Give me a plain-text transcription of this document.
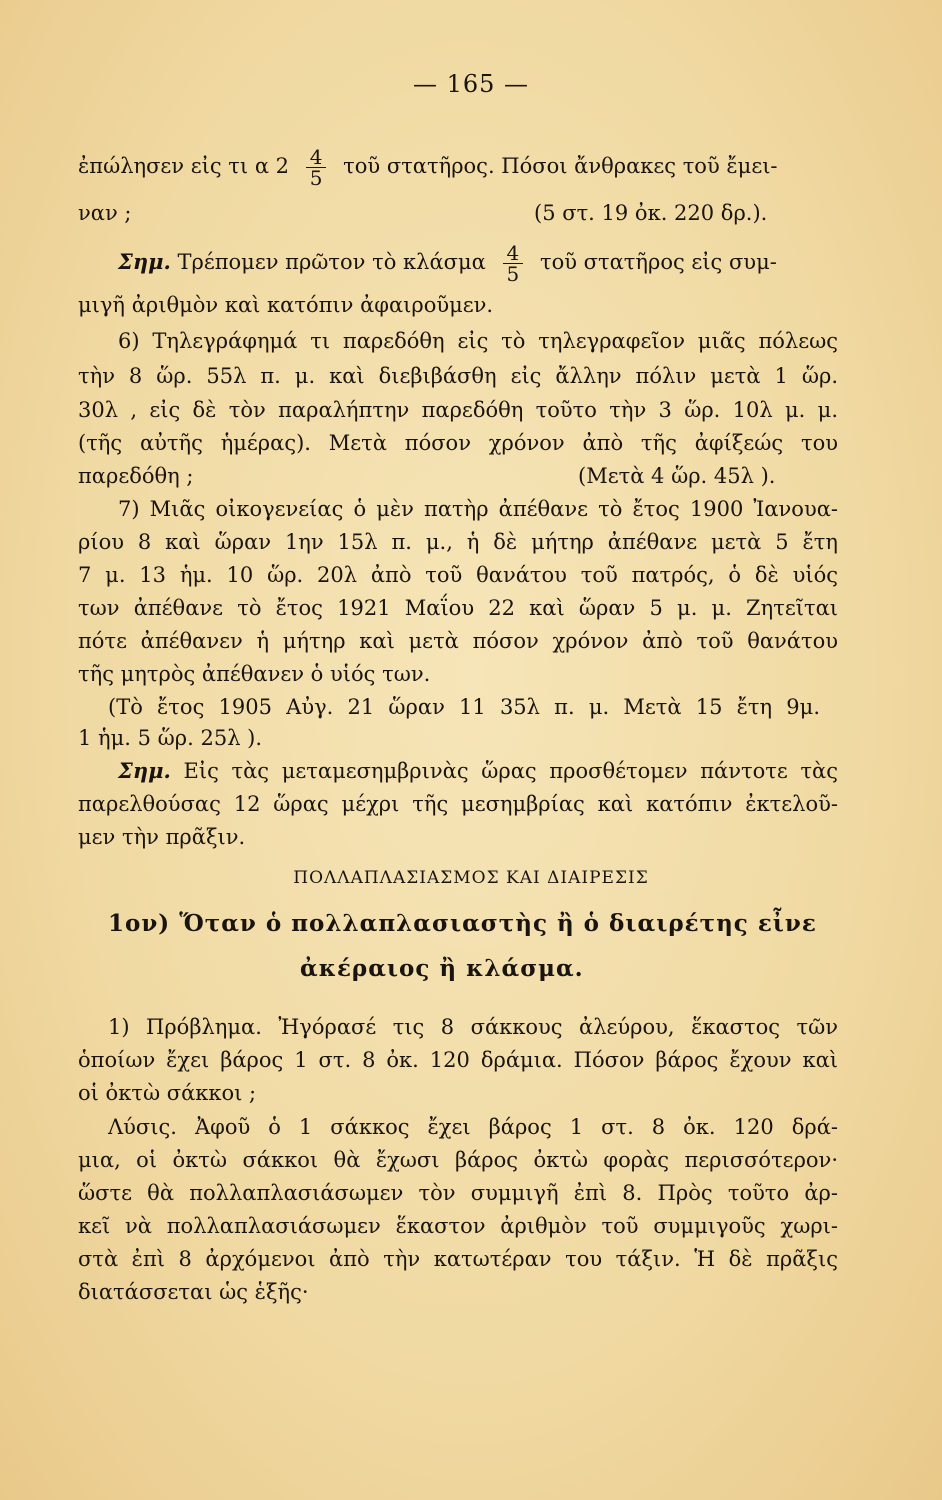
— 165 —
ἐπώλησεν εἰς τι α $2 \frac{4}{5}$ τοῦ στατῆρος. Πόσοι ἄνθρακες τοῦ ἔμει-
ναν ;	(5 στ. 19 ὀκ. 220 δρ.).
Σημ. Τρέπομεν πρῶτον τὸ κλάσμα $\frac{4}{5}$ τοῦ στατῆρος εἰς συμ-
μιγῆ ἀριθμὸν καὶ κατόπιν ἀφαιροῦμεν.
6) Τηλεγράφημά τι παρεδόθη εἰς τὸ τηλεγραφεῖον μιᾶς πόλεως
τὴν 8 ὥρ. 55λ π. μ. καὶ διεβιβάσθη εἰς ἄλλην πόλιν μετὰ 1 ὥρ.
30λ , εἰς δὲ τὸν παραλήπτην παρεδόθη τοῦτο τὴν 3 ὥρ. 10λ μ. μ.
(τῆς αὐτῆς ἡμέρας). Μετὰ πόσον χρόνον ἀπὸ τῆς ἀφίξεώς του
παρεδόθη ;	(Μετὰ 4 ὥρ. 45λ ).
7) Μιᾶς οἰκογενείας ὁ μὲν πατὴρ ἀπέθανε τὸ ἔτος 1900 Ἰανουα-
ρίου 8 καὶ ὥραν 1ην 15λ π. μ., ἡ δὲ μήτηρ ἀπέθανε μετὰ 5 ἔτη
7 μ. 13 ἡμ. 10 ὥρ. 20λ ἀπὸ τοῦ θανάτου τοῦ πατρός, ὁ δὲ υἱός
των ἀπέθανε τὸ ἔτος 1921 Μαΐου 22 καὶ ὥραν 5 μ. μ. Ζητεῖται
πότε ἀπέθανεν ἡ μήτηρ καὶ μετὰ πόσον χρόνον ἀπὸ τοῦ θανάτου
τῆς μητρὸς ἀπέθανεν ὁ υἱός των.
(Τὸ ἔτος 1905 Αὐγ. 21 ὥραν 11 35λ π. μ. Μετὰ 15 ἔτη 9μ.
1 ἡμ. 5 ὥρ. 25λ ).
Σημ. Εἰς τὰς μεταμεσημβρινὰς ὥρας προσθέτομεν πάντοτε τὰς
παρελθούσας 12 ὥρας μέχρι τῆς μεσημβρίας καὶ κατόπιν ἐκτελοῦ-
μεν τὴν πρᾶξιν.
ΠΟΛΛΑΠΛΑΣΙΑΣΜΟΣ ΚΑΙ ΔΙΑΙΡΕΣΙΣ
1ον) Ὅταν ὁ πολλαπλασιαστὴς ἢ ὁ διαιρέτης εἶνε
ἀκέραιος ἢ κλάσμα.
1) Πρόβλημα. Ἠγόρασέ τις 8 σάκκους ἀλεύρου, ἕκαστος τῶν
ὁποίων ἔχει βάρος 1 στ. 8 ὀκ. 120 δράμια. Πόσον βάρος ἔχουν καὶ
οἱ ὀκτὼ σάκκοι ;
Λύσις. Ἀφοῦ ὁ 1 σάκκος ἔχει βάρος 1 στ. 8 ὀκ. 120 δρά-
μια, οἱ ὀκτὼ σάκκοι θὰ ἔχωσι βάρος ὀκτὼ φορὰς περισσότερον·
ὥστε θὰ πολλαπλασιάσωμεν τὸν συμμιγῆ ἐπὶ 8. Πρὸς τοῦτο ἀρ-
κεῖ νὰ πολλαπλασιάσωμεν ἕκαστον ἀριθμὸν τοῦ συμμιγοῦς χωρι-
στὰ ἐπὶ 8 ἀρχόμενοι ἀπὸ τὴν κατωτέραν του τάξιν. Ἡ δὲ πρᾶξις
διατάσσεται ὡς ἑξῆς·
